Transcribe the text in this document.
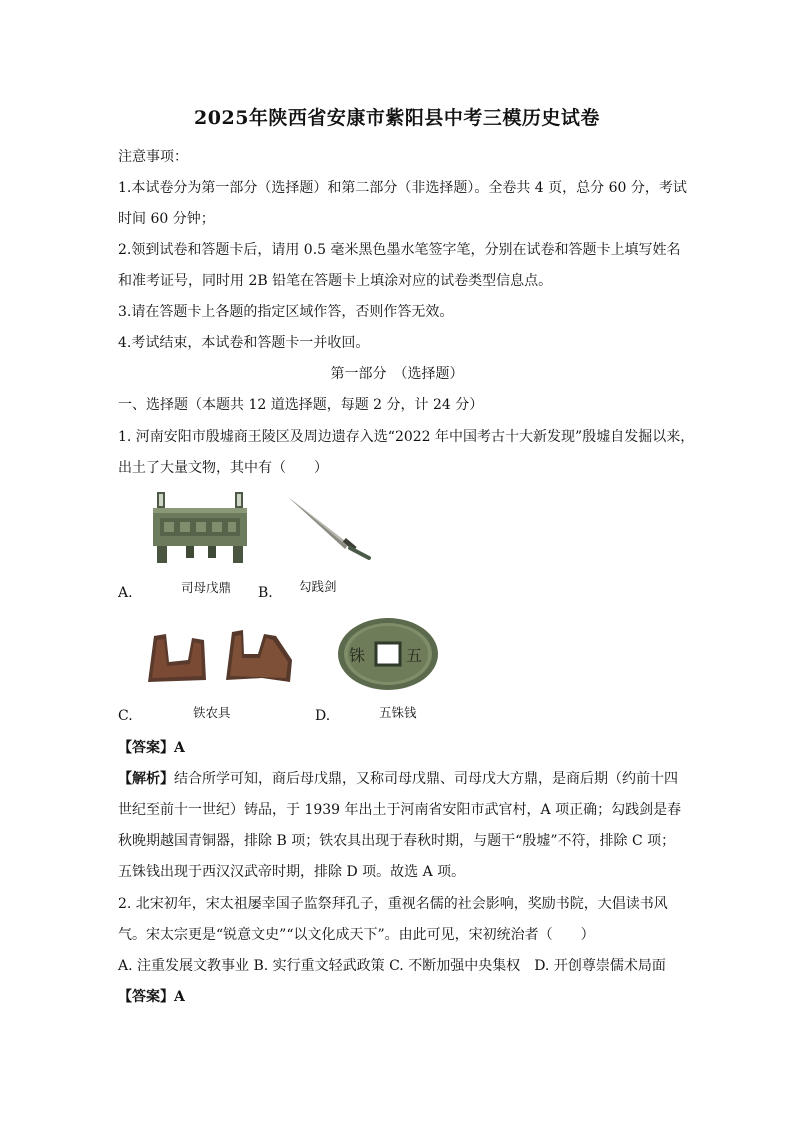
2025年陕西省安康市紫阳县中考三模历史试卷
注意事项：
1.本试卷分为第一部分（选择题）和第二部分（非选择题）。全卷共 4 页，总分 60 分，考试
时间 60 分钟；
2.领到试卷和答题卡后，请用 0.5 毫米黑色墨水笔签字笔，分别在试卷和答题卡上填写姓名
和准考证号，同时用 2B 铅笔在答题卡上填涂对应的试卷类型信息点。
3.请在答题卡上各题的指定区域作答，否则作答无效。
4.考试结束，本试卷和答题卡一并收回。
第一部分　（选择题）
一、选择题（本题共 12 道选择题，每题 2 分，计 24 分）
1. 河南安阳市殷墟商王陵区及周边遗存入选“2022 年中国考古十大新发现”殷墟自发掘以来，
出土了大量文物，其中有（　　）
司母戊鼎
A.	勾践剑
B.
铁农具
C.
铢	五
五铢钱
D.
【答案】A
【解析】结合所学可知，商后母戊鼎，又称司母戊鼎、司母戊大方鼎，是商后期（约前十四
世纪至前十一世纪）铸品，于 1939 年出土于河南省安阳市武官村，A 项正确；勾践剑是春
秋晚期越国青铜器，排除 B 项；铁农具出现于春秋时期，与题干“殷墟”不符，排除 C 项；
五铢钱出现于西汉汉武帝时期，排除 D 项。故选 A 项。
2. 北宋初年，宋太祖屡幸国子监祭拜孔子，重视名儒的社会影响，奖励书院，大倡读书风
气。宋太宗更是“锐意文史”“以文化成天下”。由此可见，宋初统治者（　　）
A. 注重发展文教事业 B. 实行重文轻武政策 C. 不断加强中央集权　D. 开创尊崇儒术局面
【答案】A
